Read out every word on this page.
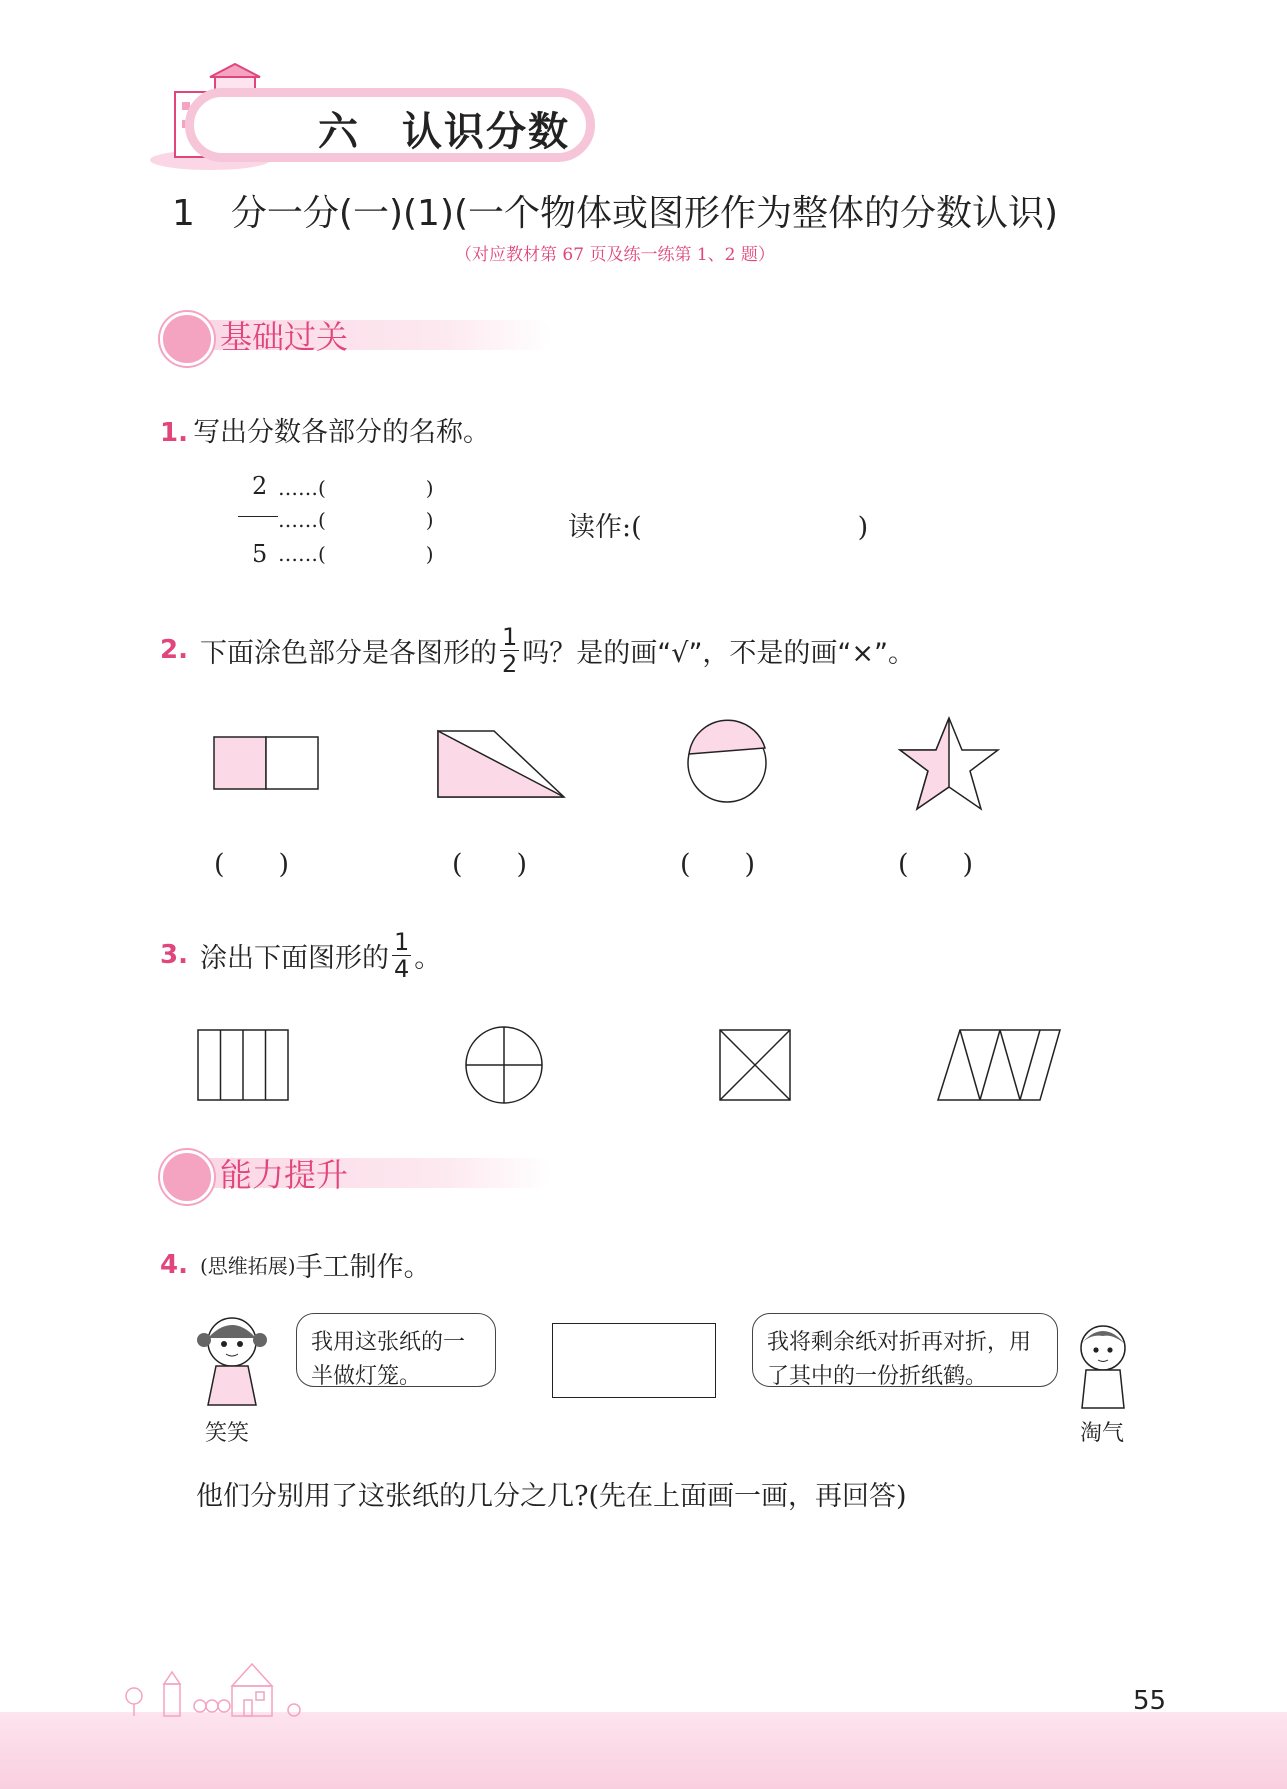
六　认识分数
1　分一分(一)(1)(一个物体或图形作为整体的分数认识)
（对应教材第 67 页及练一练第 1、2 题）
基础过关
1. 写出分数各部分的名称。
2
5
……(　　　　　)
……(　　　　　)
……(　　　　　)
读作:(　　　　　　　　)
2. 下面涂色部分是各图形的 $\frac{1}{2}$ 吗？是的画“√”，不是的画“×”。
(　　)	(　　)	(　　)	(　　)
3. 涂出下面图形的 $\frac{1}{4}$ 。
能力提升
4. (思维拓展) 手工制作。
我用这张纸的一半做灯笼。
笑笑
我将剩余纸对折再对折，用了其中的一份折纸鹤。
淘气
他们分别用了这张纸的几分之几?(先在上面画一画，再回答)
55
